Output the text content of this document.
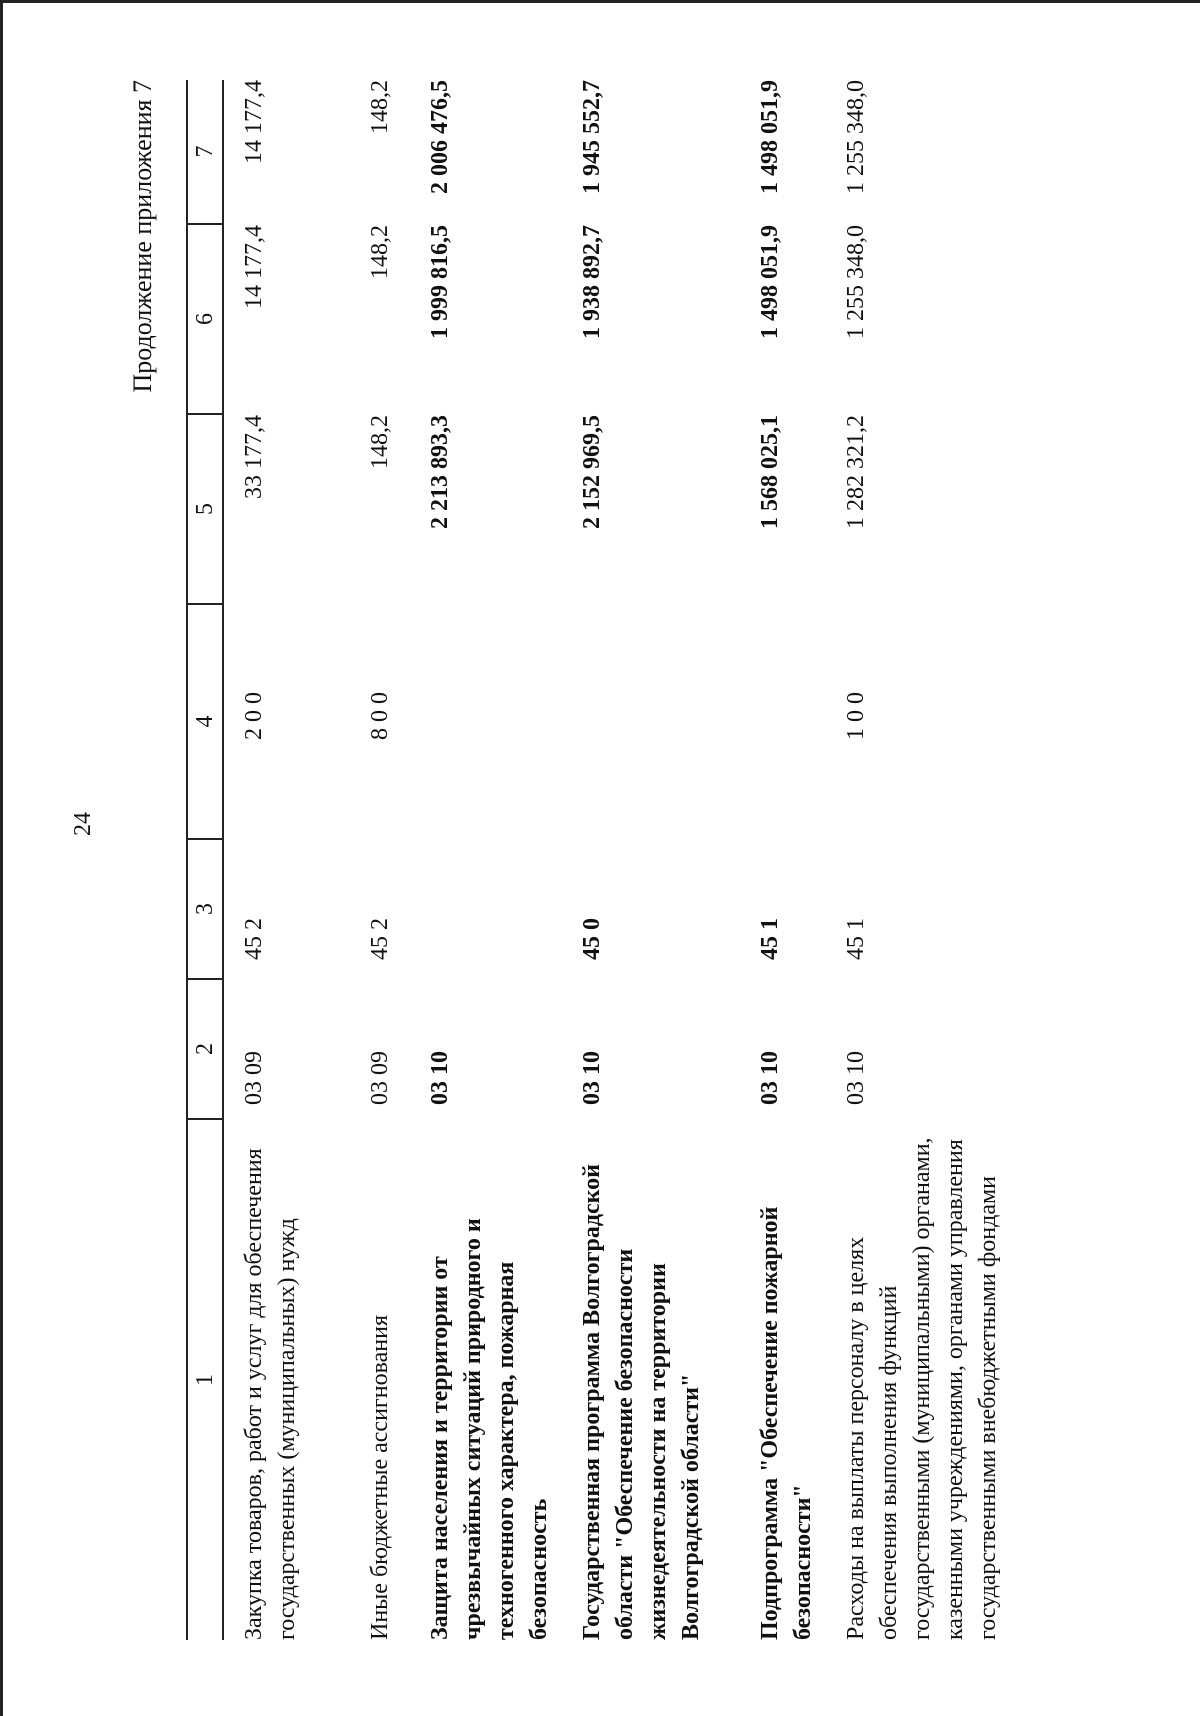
24
Продолжение приложения 7
1
2
3
4
5
6
7
Закупка товаров, работ и услуг для обеспечения государственных (муниципальных) нужд
03 09
45 2
2 0 0
33 177,4
14 177,4
14 177,4
Иные бюджетные ассигнования
03 09
45 2
8 0 0
148,2
148,2
148,2
Защита населения и территории от чрезвычайных ситуаций природного и техногенного характера, пожарная безопасность
03 10
2 213 893,3
1 999 816,5
2 006 476,5
Государственная программа Волгоградской области "Обеспечение безопасности жизнедеятельности на территории Волгоградской области"
03 10
45 0
2 152 969,5
1 938 892,7
1 945 552,7
Подпрограмма "Обеспечение пожарной безопасности"
03 10
45 1
1 568 025,1
1 498 051,9
1 498 051,9
Расходы на выплаты персоналу в целях обеспечения выполнения функций государственными (муниципальными) органами, казенными учреждениями, органами управления государственными внебюджетными фондами
03 10
45 1
1 0 0
1 282 321,2
1 255 348,0
1 255 348,0
